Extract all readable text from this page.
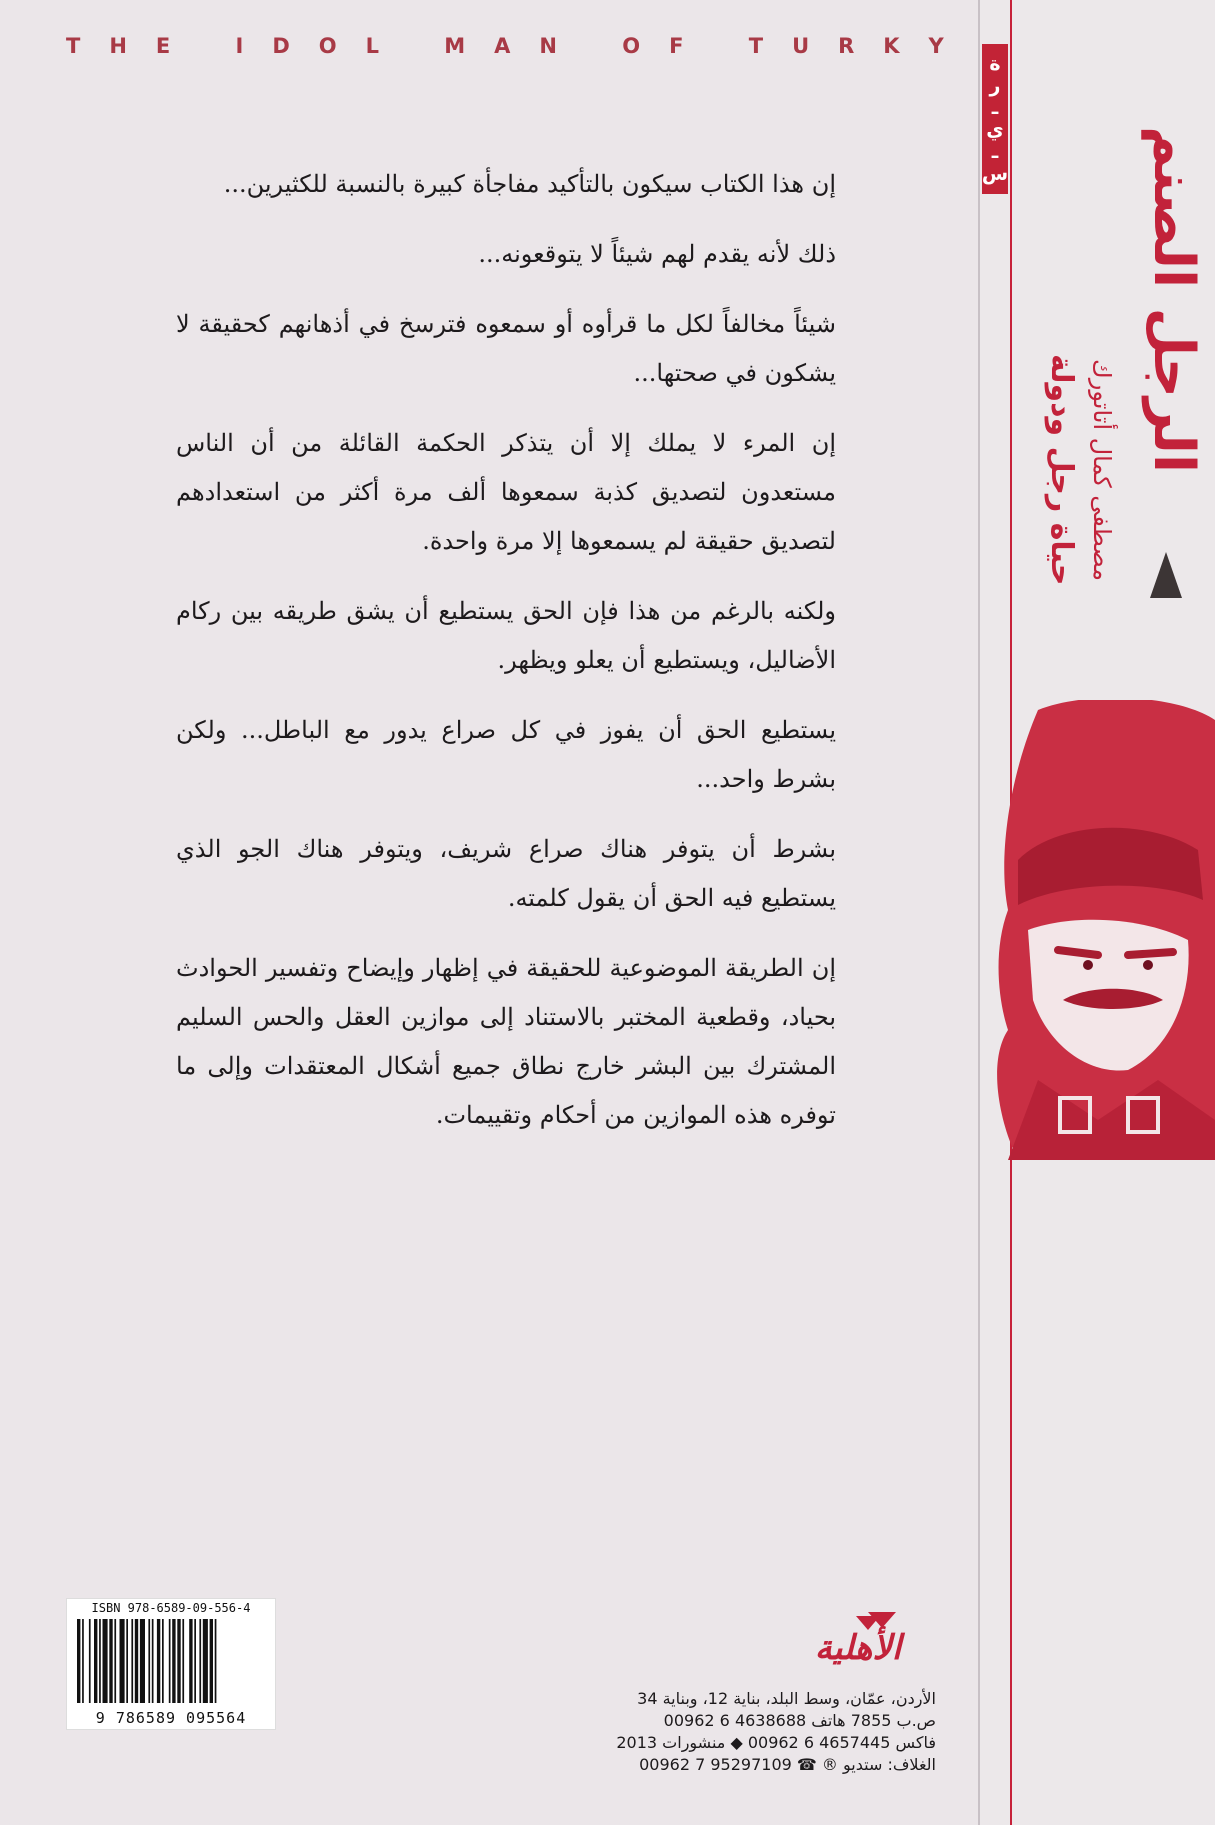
T H E
	I D O L
	M A N
	O F
	T U R K Y

إن هذا الكتاب سيكون بالتأكيد مفاجأة كبيرة بالنسبة للكثيرين...

ذلك لأنه يقدم لهم شيئاً لا يتوقعونه...

شيئاً مخالفاً لكل ما قرأوه أو سمعوه فترسخ في أذهانهم كحقيقة لا يشكون في صحتها...

إن المرء لا يملك إلا أن يتذكر الحكمة القائلة من أن الناس مستعدون لتصديق كذبة سمعوها ألف مرة أكثر من استعدادهم لتصديق حقيقة لم يسمعوها إلا مرة واحدة.

ولكنه بالرغم من هذا فإن الحق يستطيع أن يشق طريقه بين ركام الأضاليل، ويستطيع أن يعلو ويظهر.

يستطيع الحق أن يفوز في كل صراع يدور مع الباطل... ولكن بشرط واحد...

بشرط أن يتوفر هناك صراع شريف، ويتوفر هناك الجو الذي يستطيع فيه الحق أن يقول كلمته.

إن الطريقة الموضوعية للحقيقة في إظهار وإيضاح وتفسير الحوادث بحياد، وقطعية المختبر بالاستناد إلى موازين العقل والحس السليم المشترك بين البشر خارج نطاق جميع أشكال المعتقدات وإلى ما توفره هذه الموازين من أحكام وتقييمات.

سـيـرة
الرجل الصنم
مصطفى كمال أتاتورك
حياة رجل ودولة
ISBN 978-6589-09-556-4
9 786589 095564
الأهلية
الأردن، عمّان، وسط البلد، بناية 12، وبناية 34
ص.ب 7855 هاتف 4638688 6 00962
فاكس 4657445 6 00962 ◆ منشورات 2013
الغلاف: ستديو ® ☎ 95297109 7 00962
